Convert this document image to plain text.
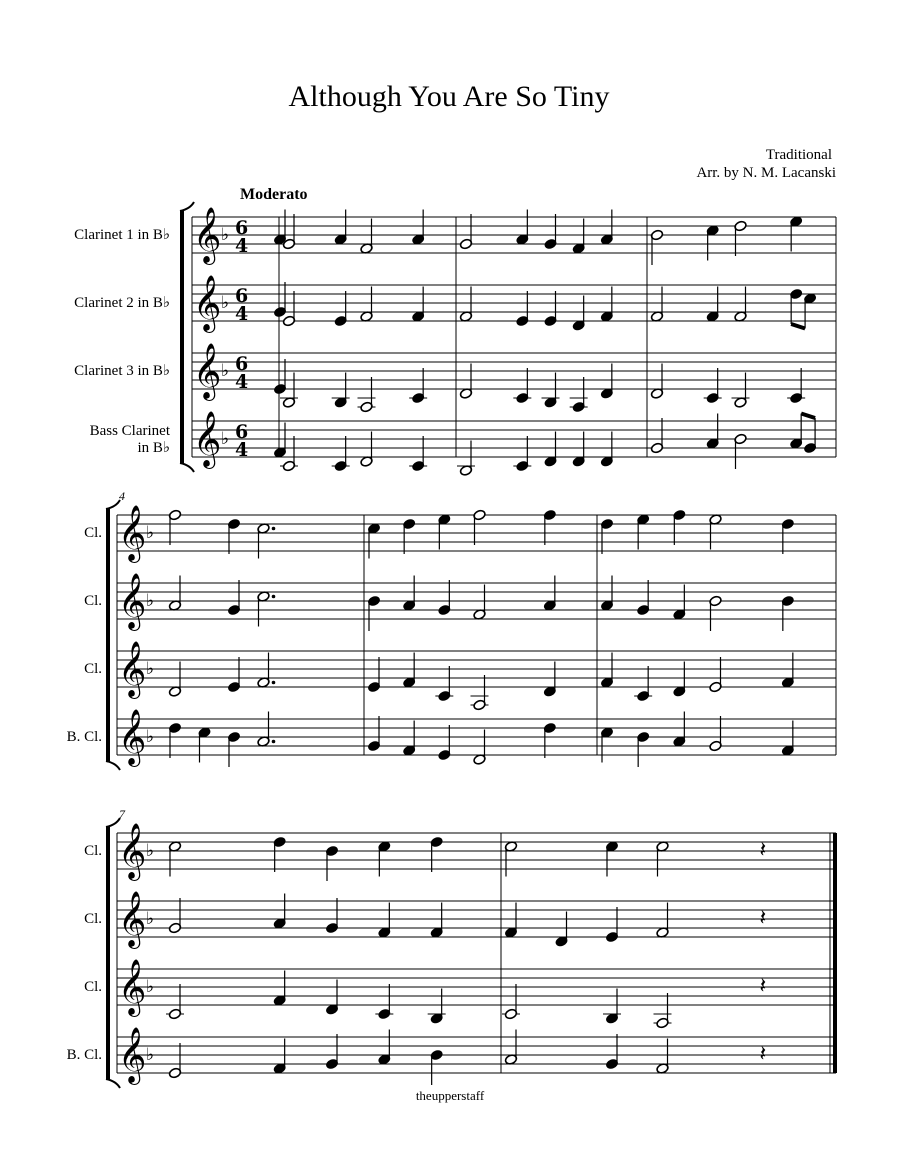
Although You Are So Tiny
Traditional
Arr. by N. M. Lacanski
Moderato
𝄞 ♭ 6
4
Clarinet 1 in B♭
𝄞 ♭ 6
4
Clarinet 2 in B♭
𝄞 ♭ 6
4
Clarinet 3 in B♭
𝄞 ♭ 6
4
Bass Clarinet
in B♭
4
𝄞 ♭
Cl.
𝄞 ♭
Cl.
𝄞 ♭
Cl.
𝄞 ♭
B. Cl.
7
𝄞 ♭
Cl.	𝄽
𝄞 ♭
Cl.	𝄽
𝄞 ♭
Cl.	𝄽
𝄞 ♭
B. Cl.	𝄽
theupperstaff
